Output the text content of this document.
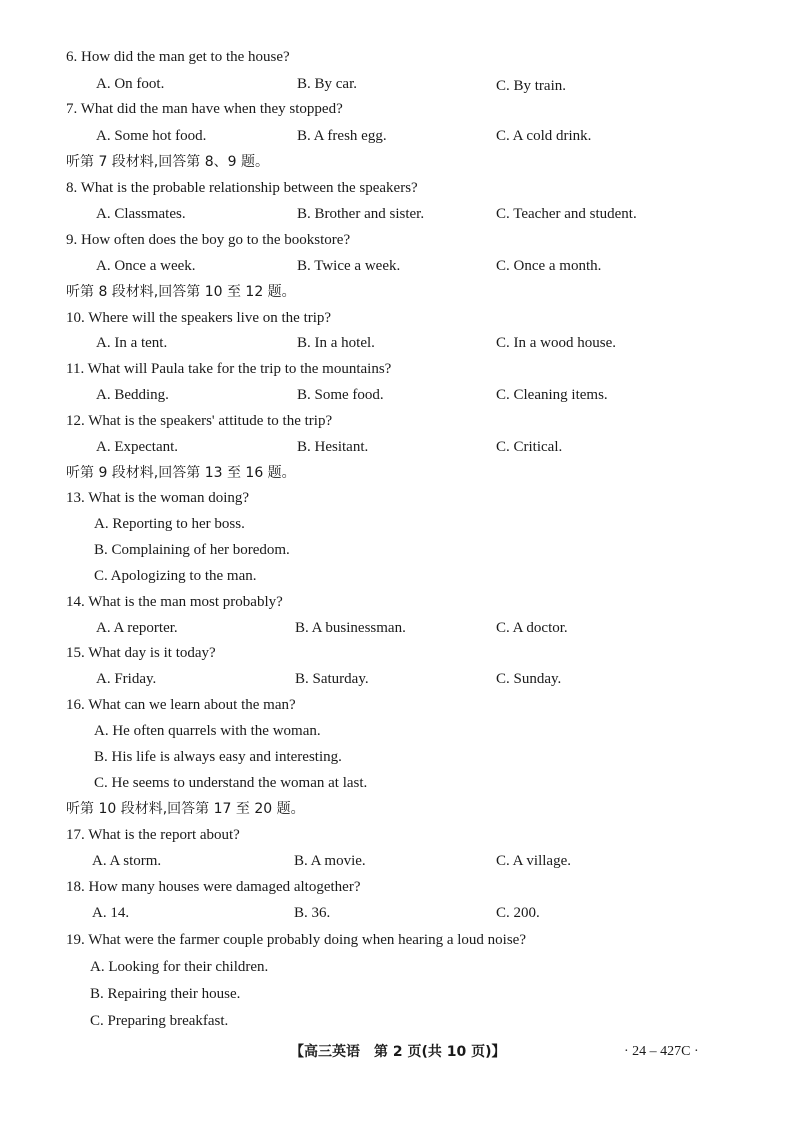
6. How did the man get to the house?
A. On foot.	B. By car.	C. By train.
7. What did the man have when they stopped?
A. Some hot food.	B. A fresh egg.	C. A cold drink.
听第 7 段材料,回答第 8、9 题。
8. What is the probable relationship between the speakers?
A. Classmates.	B. Brother and sister.	C. Teacher and student.
9. How often does the boy go to the bookstore?
A. Once a week.	B. Twice a week.	C. Once a month.
听第 8 段材料,回答第 10 至 12 题。
10. Where will the speakers live on the trip?
A. In a tent.	B. In a hotel.	C. In a wood house.
11. What will Paula take for the trip to the mountains?
A. Bedding.	B. Some food.	C. Cleaning items.
12. What is the speakers' attitude to the trip?
A. Expectant.	B. Hesitant.	C. Critical.
听第 9 段材料,回答第 13 至 16 题。
13. What is the woman doing?
A. Reporting to her boss.
B. Complaining of her boredom.
C. Apologizing to the man.
14. What is the man most probably?
A. A reporter.	B. A businessman.	C. A doctor.
15. What day is it today?
A. Friday.	B. Saturday.	C. Sunday.
16. What can we learn about the man?
A. He often quarrels with the woman.
B. His life is always easy and interesting.
C. He seems to understand the woman at last.
听第 10 段材料,回答第 17 至 20 题。
17. What is the report about?
A. A storm.	B. A movie.	C. A village.
18. How many houses were damaged altogether?
A. 14.	B. 36.	C. 200.
19. What were the farmer couple probably doing when hearing a loud noise?
A. Looking for their children.
B. Repairing their house.
C. Preparing breakfast.
【高三英语　第 2 页(共 10 页)】	· 24 – 427C ·
